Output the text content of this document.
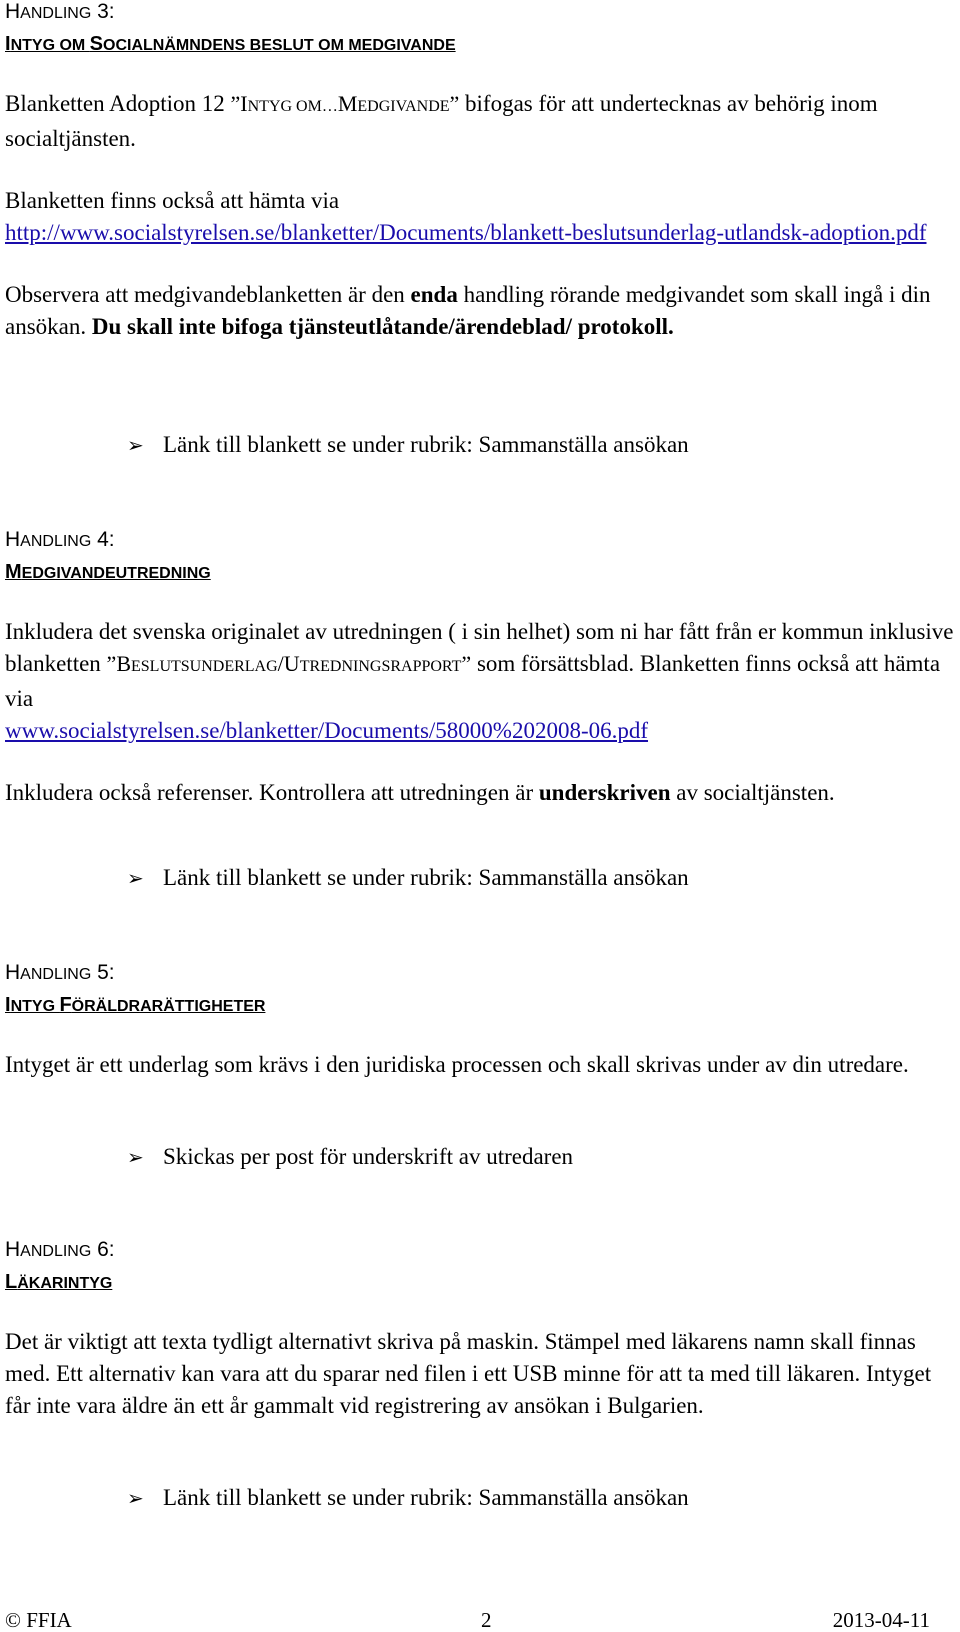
HANDLING 3:

INTYG OM SOCIALNÄMNDENS BESLUT OM MEDGIVANDE

Blanketten Adoption 12 ”INTYG OM…MEDGIVANDE” bifogas för att undertecknas av behörig inom socialtjänsten.

Blanketten finns också att hämta via
http://www.socialstyrelsen.se/blanketter/Documents/blankett-beslutsunderlag-utlandsk-adoption.pdf

Observera att medgivandeblanketten är den enda handling rörande medgivandet som skall ingå i din ansökan. Du skall inte bifoga tjänsteutlåtande/ärendeblad/ protokoll.

➢ Länk till blankett se under rubrik: Sammanställa ansökan

HANDLING 4:

MEDGIVANDEUTREDNING

Inkludera det svenska originalet av utredningen ( i sin helhet) som ni har fått från er kommun inklusive blanketten ”BESLUTSUNDERLAG/UTREDNINGSRAPPORT” som försättsblad. Blanketten finns också att hämta via
www.socialstyrelsen.se/blanketter/Documents/58000%202008-06.pdf

Inkludera också referenser. Kontrollera att utredningen är underskriven av socialtjänsten.

➢ Länk till blankett se under rubrik: Sammanställa ansökan

HANDLING 5:

INTYG FÖRÄLDRARÄTTIGHETER

Intyget är ett underlag som krävs i den juridiska processen och skall skrivas under av din utredare.

➢ Skickas per post för underskrift av utredaren

HANDLING 6:

LÄKARINTYG

Det är viktigt att texta tydligt alternativt skriva på maskin. Stämpel med läkarens namn skall finnas med. Ett alternativ kan vara att du sparar ned filen i ett USB minne för att ta med till läkaren. Intyget får inte vara äldre än ett år gammalt vid registrering av ansökan i Bulgarien.

➢ Länk till blankett se under rubrik: Sammanställa ansökan
© FFIA	2	2013-04-11
